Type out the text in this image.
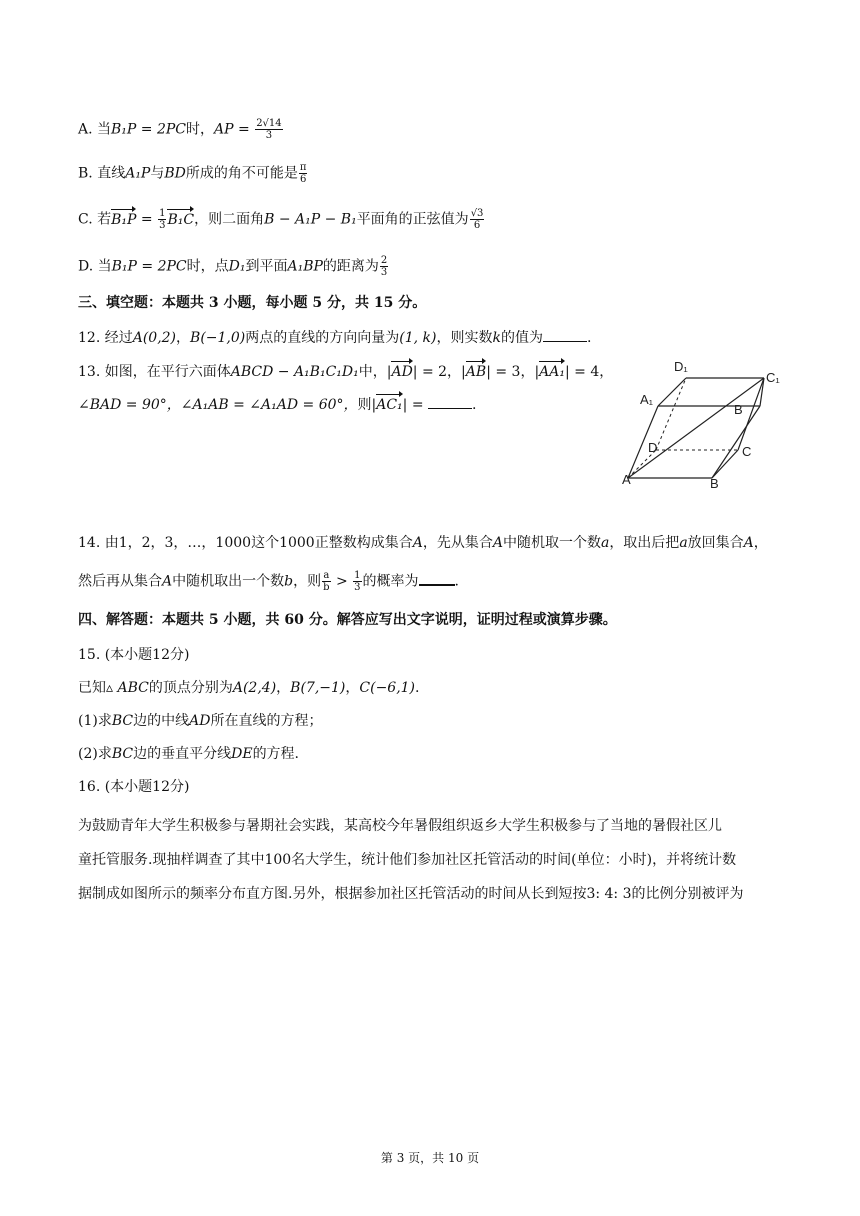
A. 当B₁P = 2PC时，AP = $\frac{2√14}{3}$
B. 直线A₁P与BD所成的角不可能是 $\frac{\pi}{6}$
C. 若$B_1P = \frac{1}{3} B_1C$，则二面角B − A₁P − B₁平面角的正弦值为 $\frac{√3}{6}$
D. 当B₁P = 2PC时，点D₁到平面A₁BP的距离为 $\frac{2}{3}$
三、填空题：本题共 3 小题，每小题 5 分，共 15 分。
12. 经过A(0,2)，B(−1,0)两点的直线的方向向量为(1, k)，则实数k的值为	.
13. 如图，在平行六面体ABCD − A₁B₁C₁D₁中，|AD| = 2，|AB| = 3，|AA₁| = 4，
∠BAD = 90°，∠A₁AB = ∠A₁AD = 60°，则|AC₁| =	.
D₁
C₁
A₁
B
D	C
A	B
14. 由1，2，3，…，1000这个1000正整数构成集合A，先从集合A中随机取一个数a，取出后把a放回集合A，
然后再从集合A中随机取出一个数b，则 $\frac{a}{b} > \frac{1}{3}$ 的概率为	.
四、解答题：本题共 5 小题，共 60 分。解答应写出文字说明，证明过程或演算步骤。
15. (本小题12分)
已知▵ ABC的顶点分别为A(2,4)，B(7,−1)，C(−6,1).
(1)求BC边的中线AD所在直线的方程；
(2)求BC边的垂直平分线DE的方程.
16. (本小题12分)
为鼓励青年大学生积极参与暑期社会实践，某高校今年暑假组织返乡大学生积极参与了当地的暑假社区儿
童托管服务.现抽样调查了其中100名大学生，统计他们参加社区托管活动的时间(单位：小时)，并将统计数
据制成如图所示的频率分布直方图.另外，根据参加社区托管活动的时间从长到短按3: 4: 3的比例分别被评为
第 3 页，共 10 页
